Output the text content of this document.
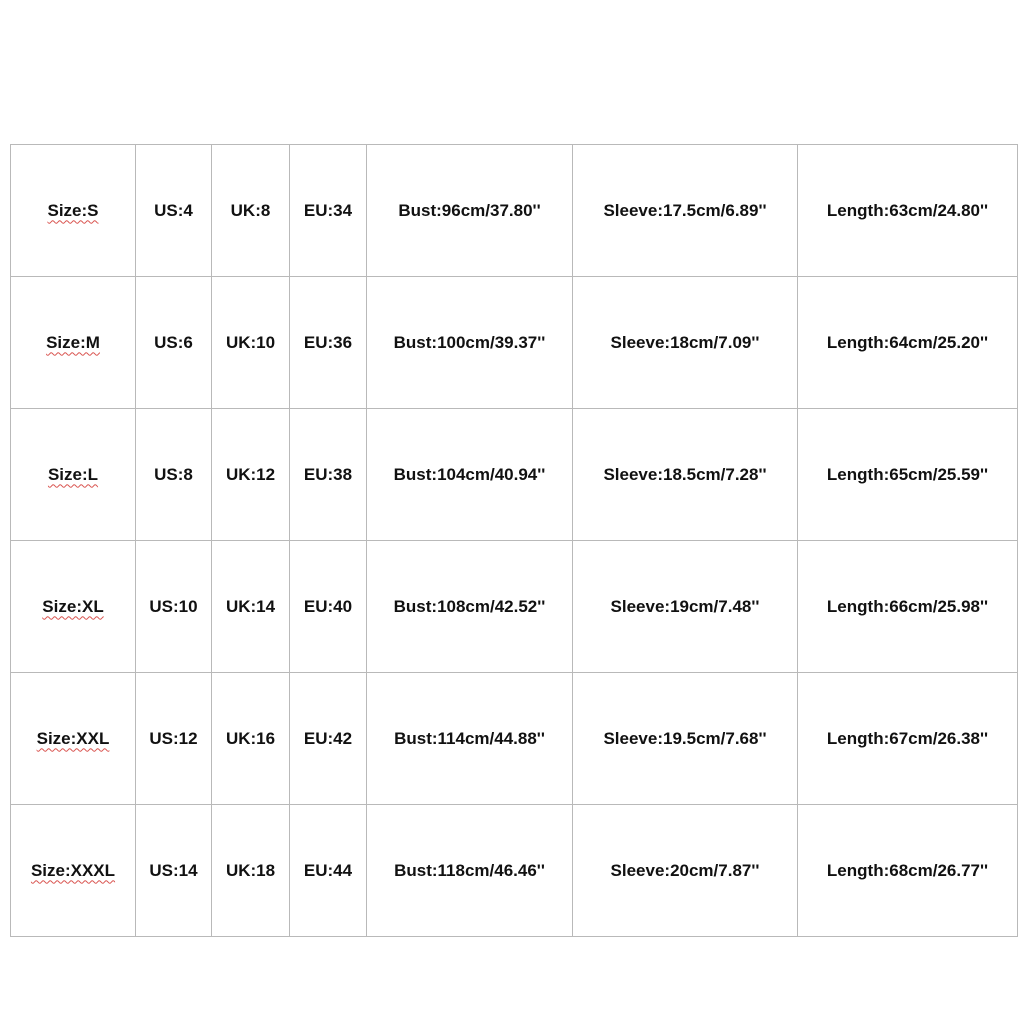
Size:S	US:4	UK:8	EU:34	Bust:96cm/37.80''	Sleeve:17.5cm/6.89''	Length:63cm/24.80''
Size:M	US:6	UK:10	EU:36	Bust:100cm/39.37''	Sleeve:18cm/7.09''	Length:64cm/25.20''
Size:L	US:8	UK:12	EU:38	Bust:104cm/40.94''	Sleeve:18.5cm/7.28''	Length:65cm/25.59''
Size:XL	US:10	UK:14	EU:40	Bust:108cm/42.52''	Sleeve:19cm/7.48''	Length:66cm/25.98''
Size:XXL	US:12	UK:16	EU:42	Bust:114cm/44.88''	Sleeve:19.5cm/7.68''	Length:67cm/26.38''
Size:XXXL	US:14	UK:18	EU:44	Bust:118cm/46.46''	Sleeve:20cm/7.87''	Length:68cm/26.77''
